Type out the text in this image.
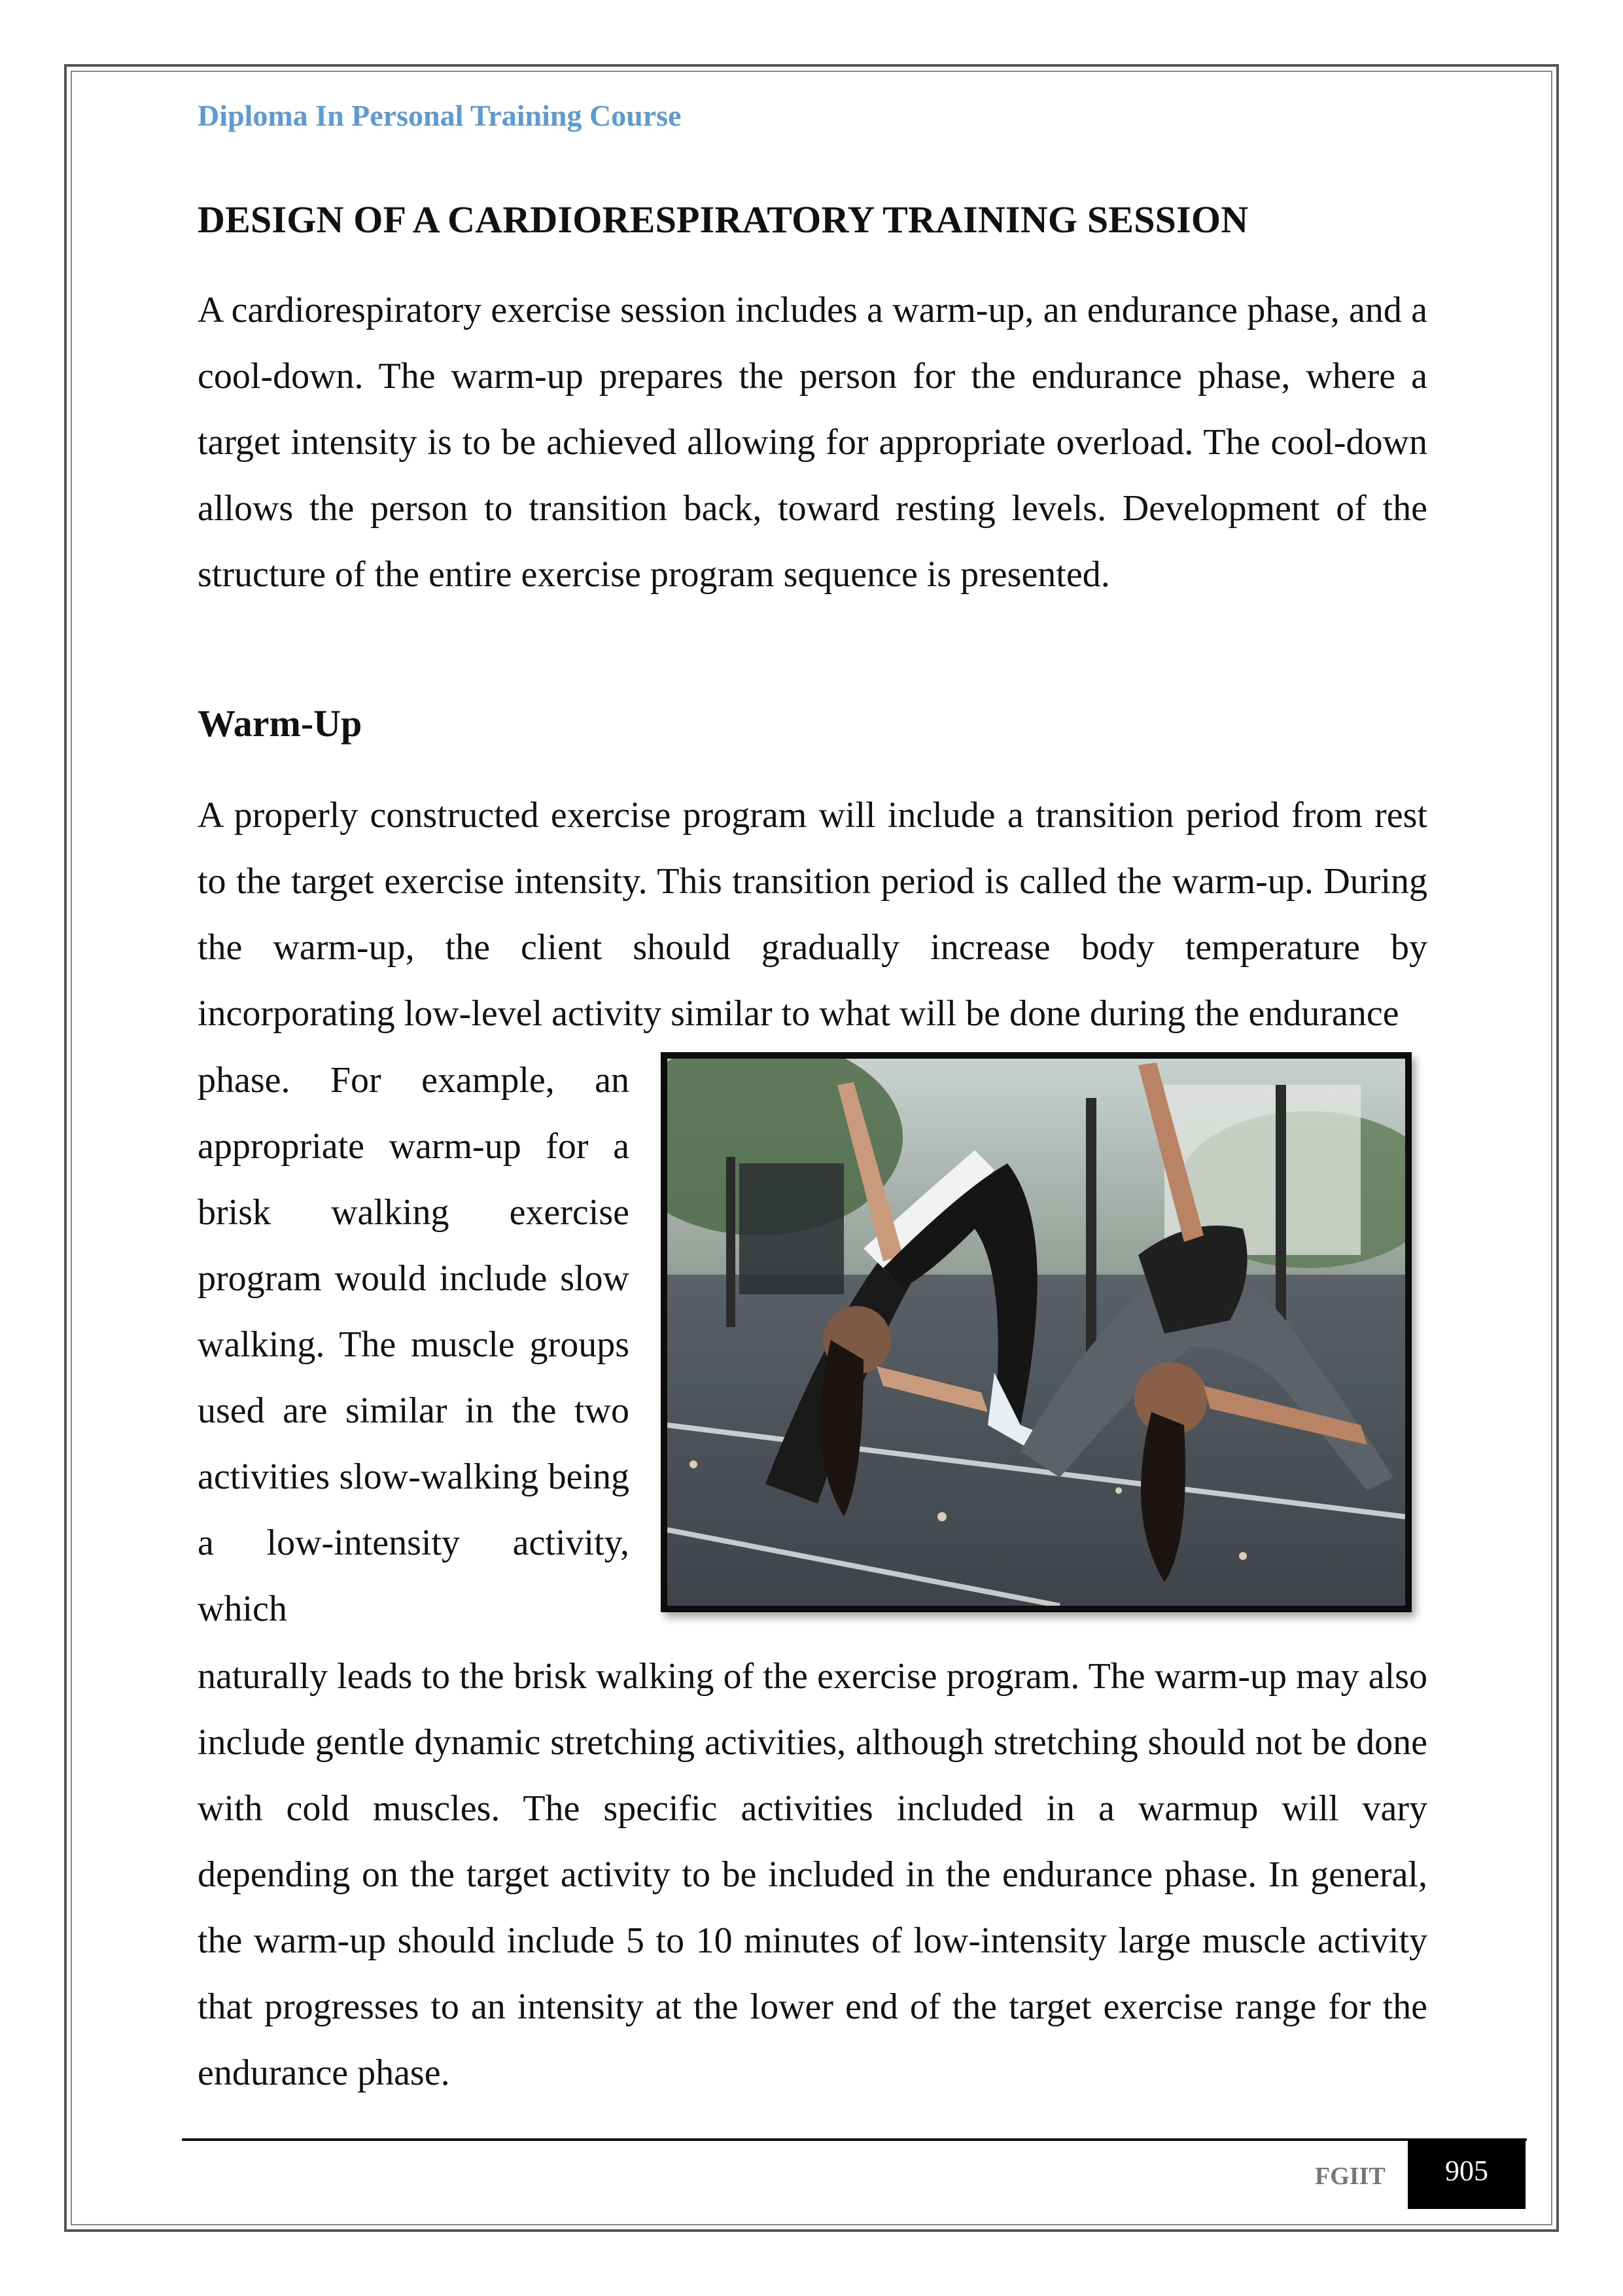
Diploma In Personal Training Course
DESIGN OF A CARDIORESPIRATORY TRAINING SESSION

A cardiorespiratory exercise session includes a warm-up, an endurance phase, and a cool-down. The warm-up prepares the person for the endurance phase, where a target intensity is to be achieved allowing for appropriate overload. The cool-down allows the person to transition back, toward resting levels. Development of the structure of the entire exercise program sequence is presented.

Warm-Up

A properly constructed exercise program will include a transition period from rest to the target exercise intensity. This transition period is called the warm-up. During the warm-up, the client should gradually increase body temperature by incorporating low-level activity similar to what will be done during the endurance

phase. For example, an appropriate warm-up for a brisk walking exercise program would include slow walking. The muscle groups used are similar in the two activities slow-walking being a low-intensity activity, which

naturally leads to the brisk walking of the exercise program. The warm-up may also include gentle dynamic stretching activities, although stretching should not be done with cold muscles. The specific activities included in a warmup will vary depending on the target activity to be included in the endurance phase. In general, the warm-up should include 5 to 10 minutes of low-intensity large muscle activity that progresses to an intensity at the lower end of the target exercise range for the endurance phase.

FGIIT	905
